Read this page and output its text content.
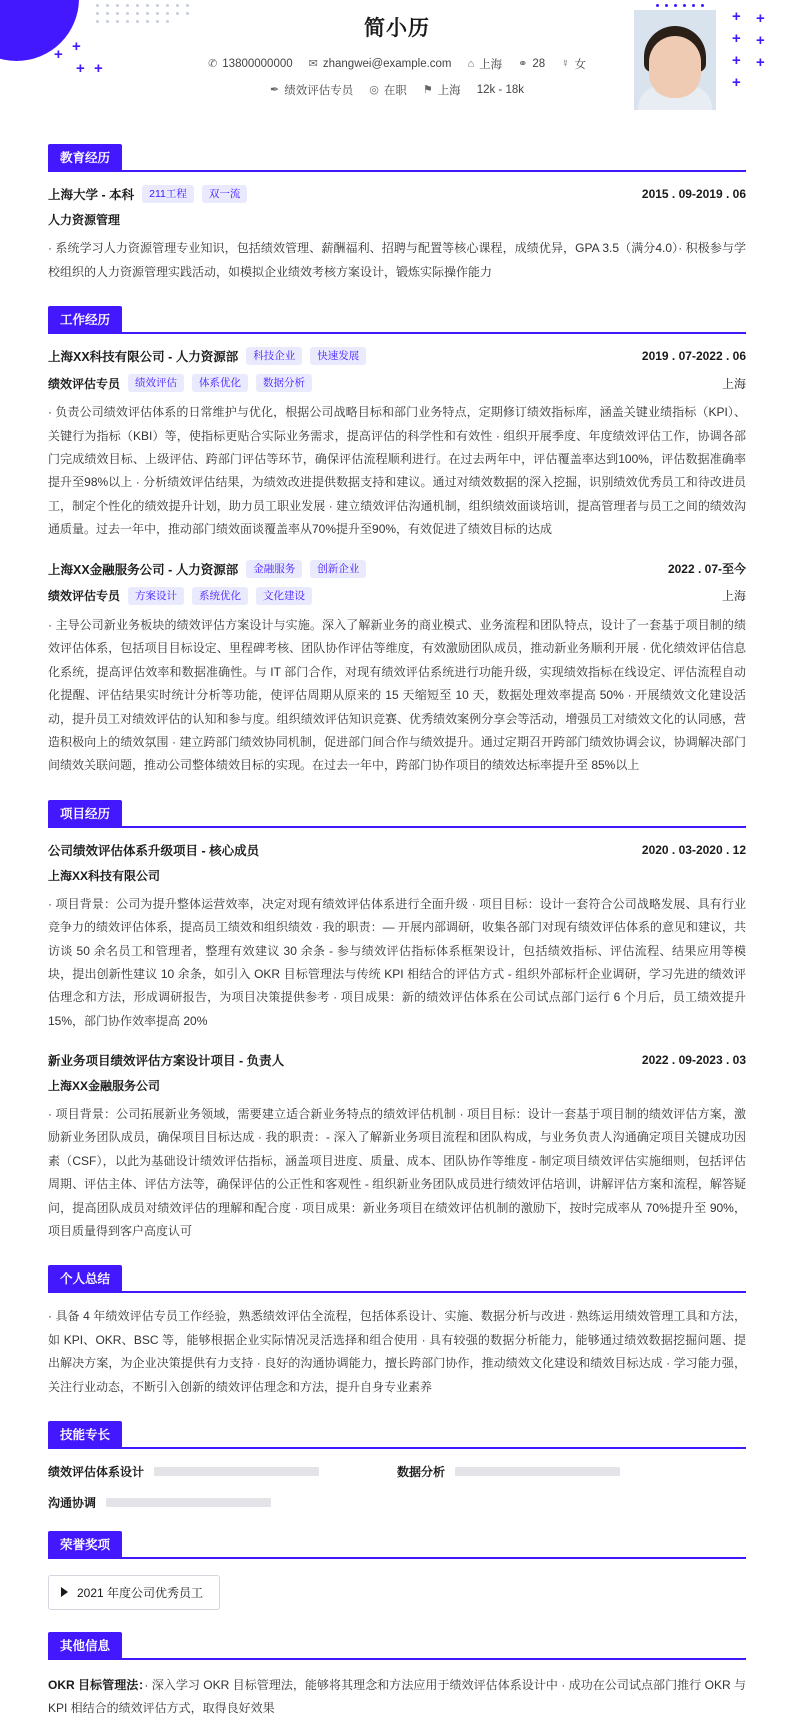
+ +
+ + +
+ +
+ +
+ +
+ +
+
简小历
✆ 13800000000 ✉ zhangwei@example.com ⌂ 上海 ⚭ 28 ☿ 女
✒ 绩效评估专员 ◎ 在职 ⚑ 上海 12k - 18k
教育经历
上海大学 - 本科	211工程	双一流	2015 . 09-2019 . 06
人力资源管理
· 系统学习人力资源管理专业知识，包括绩效管理、薪酬福利、招聘与配置等核心课程，成绩优异，GPA 3.5（满分4.0）· 积极参与学校组织的人力资源管理实践活动，如模拟企业绩效考核方案设计，锻炼实际操作能力
工作经历
上海XX科技有限公司 - 人力资源部	科技企业	快速发展	2019 . 07-2022 . 06
绩效评估专员	绩效评估	体系优化	数据分析	上海
· 负责公司绩效评估体系的日常维护与优化，根据公司战略目标和部门业务特点，定期修订绩效指标库，涵盖关键业绩指标（KPI）、关键行为指标（KBI）等，使指标更贴合实际业务需求，提高评估的科学性和有效性 · 组织开展季度、年度绩效评估工作，协调各部门完成绩效目标、上级评估、跨部门评估等环节，确保评估流程顺利进行。在过去两年中，评估覆盖率达到100%，评估数据准确率提升至98%以上 · 分析绩效评估结果，为绩效改进提供数据支持和建议。通过对绩效数据的深入挖掘，识别绩效优秀员工和待改进员工，制定个性化的绩效提升计划，助力员工职业发展 · 建立绩效评估沟通机制，组织绩效面谈培训，提高管理者与员工之间的绩效沟通质量。过去一年中，推动部门绩效面谈覆盖率从70%提升至90%，有效促进了绩效目标的达成
上海XX金融服务公司 - 人力资源部	金融服务	创新企业	2022 . 07-至今
绩效评估专员	方案设计	系统优化	文化建设	上海
· 主导公司新业务板块的绩效评估方案设计与实施。深入了解新业务的商业模式、业务流程和团队特点，设计了一套基于项目制的绩效评估体系，包括项目目标设定、里程碑考核、团队协作评估等维度，有效激励团队成员，推动新业务顺利开展 · 优化绩效评估信息化系统，提高评估效率和数据准确性。与 IT 部门合作，对现有绩效评估系统进行功能升级，实现绩效指标在线设定、评估流程自动化提醒、评估结果实时统计分析等功能，使评估周期从原来的 15 天缩短至 10 天，数据处理效率提高 50% · 开展绩效文化建设活动，提升员工对绩效评估的认知和参与度。组织绩效评估知识竞赛、优秀绩效案例分享会等活动，增强员工对绩效文化的认同感，营造积极向上的绩效氛围 · 建立跨部门绩效协同机制，促进部门间合作与绩效提升。通过定期召开跨部门绩效协调会议，协调解决部门间绩效关联问题，推动公司整体绩效目标的实现。在过去一年中，跨部门协作项目的绩效达标率提升至 85%以上
项目经历
公司绩效评估体系升级项目 - 核心成员	2020 . 03-2020 . 12
上海XX科技有限公司
· 项目背景：公司为提升整体运营效率，决定对现有绩效评估体系进行全面升级 · 项目目标：设计一套符合公司战略发展、具有行业竞争力的绩效评估体系，提高员工绩效和组织绩效 · 我的职责：— 开展内部调研，收集各部门对现有绩效评估体系的意见和建议，共访谈 50 余名员工和管理者，整理有效建议 30 余条 - 参与绩效评估指标体系框架设计，包括绩效指标、评估流程、结果应用等模块，提出创新性建议 10 余条，如引入 OKR 目标管理法与传统 KPI 相结合的评估方式 - 组织外部标杆企业调研，学习先进的绩效评估理念和方法，形成调研报告，为项目决策提供参考 · 项目成果：新的绩效评估体系在公司试点部门运行 6 个月后，员工绩效提升 15%，部门协作效率提高 20%
新业务项目绩效评估方案设计项目 - 负责人	2022 . 09-2023 . 03
上海XX金融服务公司
· 项目背景：公司拓展新业务领域，需要建立适合新业务特点的绩效评估机制 · 项目目标：设计一套基于项目制的绩效评估方案，激励新业务团队成员，确保项目目标达成 · 我的职责：- 深入了解新业务项目流程和团队构成，与业务负责人沟通确定项目关键成功因素（CSF），以此为基础设计绩效评估指标，涵盖项目进度、质量、成本、团队协作等维度 - 制定项目绩效评估实施细则，包括评估周期、评估主体、评估方法等，确保评估的公正性和客观性 - 组织新业务团队成员进行绩效评估培训，讲解评估方案和流程，解答疑问，提高团队成员对绩效评估的理解和配合度 · 项目成果：新业务项目在绩效评估机制的激励下，按时完成率从 70%提升至 90%，项目质量得到客户高度认可
个人总结
· 具备 4 年绩效评估专员工作经验，熟悉绩效评估全流程，包括体系设计、实施、数据分析与改进 · 熟练运用绩效管理工具和方法，如 KPI、OKR、BSC 等，能够根据企业实际情况灵活选择和组合使用 · 具有较强的数据分析能力，能够通过绩效数据挖掘问题、提出解决方案，为企业决策提供有力支持 · 良好的沟通协调能力，擅长跨部门协作，推动绩效文化建设和绩效目标达成 · 学习能力强，关注行业动态，不断引入创新的绩效评估理念和方法，提升自身专业素养
技能专长
绩效评估体系设计	数据分析
沟通协调
荣誉奖项
2021 年度公司优秀员工
其他信息
OKR 目标管理法：· 深入学习 OKR 目标管理法，能够将其理念和方法应用于绩效评估体系设计中 · 成功在公司试点部门推行 OKR 与 KPI 相结合的绩效评估方式，取得良好效果
